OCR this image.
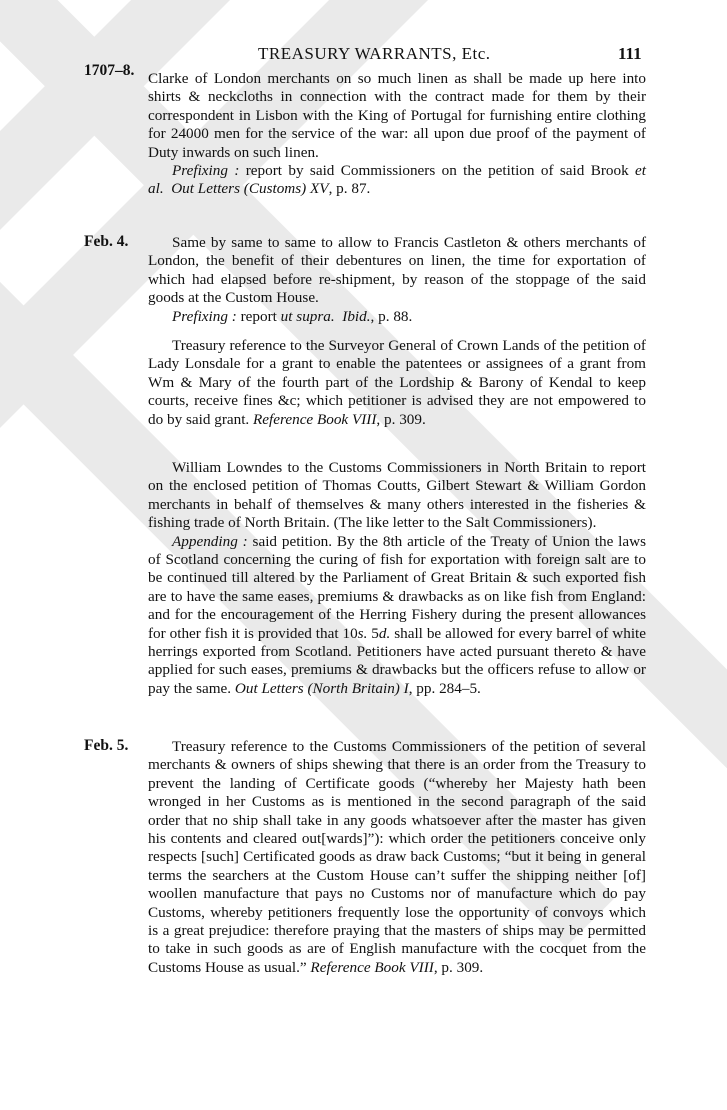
TREASURY WARRANTS, Etc.	111
1707–8. Clarke of London merchants on so much linen as shall be made up here into shirts & neckcloths in connection with the contract made for them by their correspondent in Lisbon with the King of Portugal for furnishing entire clothing for 24000 men for the service of the war: all upon due proof of the payment of Duty inwards on such linen.

Prefixing : report by said Commissioners on the petition of said Brook et al. Out Letters (Customs) XV, p. 87.

Feb. 4.	Same by same to same to allow to Francis Castleton & others merchants of London, the benefit of their debentures on linen, the time for exportation of which had elapsed before re-shipment, by reason of the stoppage of the said goods at the Custom House.

Prefixing : report ut supra. Ibid., p. 88.

Treasury reference to the Surveyor General of Crown Lands of the petition of Lady Lonsdale for a grant to enable the patentees or assignees of a grant from Wm & Mary of the fourth part of the Lordship & Barony of Kendal to keep courts, receive fines &c; which petitioner is advised they are not empowered to do by said grant. Reference Book VIII, p. 309.

William Lowndes to the Customs Commissioners in North Britain to report on the enclosed petition of Thomas Coutts, Gilbert Stewart & William Gordon merchants in behalf of themselves & many others interested in the fisheries & fishing trade of North Britain. (The like letter to the Salt Commissioners).

Appending : said petition. By the 8th article of the Treaty of Union the laws of Scotland concerning the curing of fish for exportation with foreign salt are to be continued till altered by the Parliament of Great Britain & such exported fish are to have the same eases, premiums & drawbacks as on like fish from England: and for the encouragement of the Herring Fishery during the present allowances for other fish it is provided that 10s. 5d. shall be allowed for every barrel of white herrings exported from Scotland. Petitioners have acted pursuant thereto & have applied for such eases, premiums & drawbacks but the officers refuse to allow or pay the same. Out Letters (North Britain) I, pp. 284–5.

Feb. 5.	Treasury reference to the Customs Commissioners of the petition of several merchants & owners of ships shewing that there is an order from the Treasury to prevent the landing of Certificate goods (“whereby her Majesty hath been wronged in her Customs as is mentioned in the second paragraph of the said order that no ship shall take in any goods whatsoever after the master has given his contents and cleared out[wards]”): which order the petitioners conceive only respects [such] Certificated goods as draw back Customs; “but it being in general terms the searchers at the Custom House can’t suffer the shipping neither [of] woollen manufacture that pays no Customs nor of manufacture which do pay Customs, whereby petitioners frequently lose the opportunity of convoys which is a great prejudice: therefore praying that the masters of ships may be permitted to take in such goods as are of English manufacture with the cocquet from the Customs House as usual.” Reference Book VIII, p. 309.
